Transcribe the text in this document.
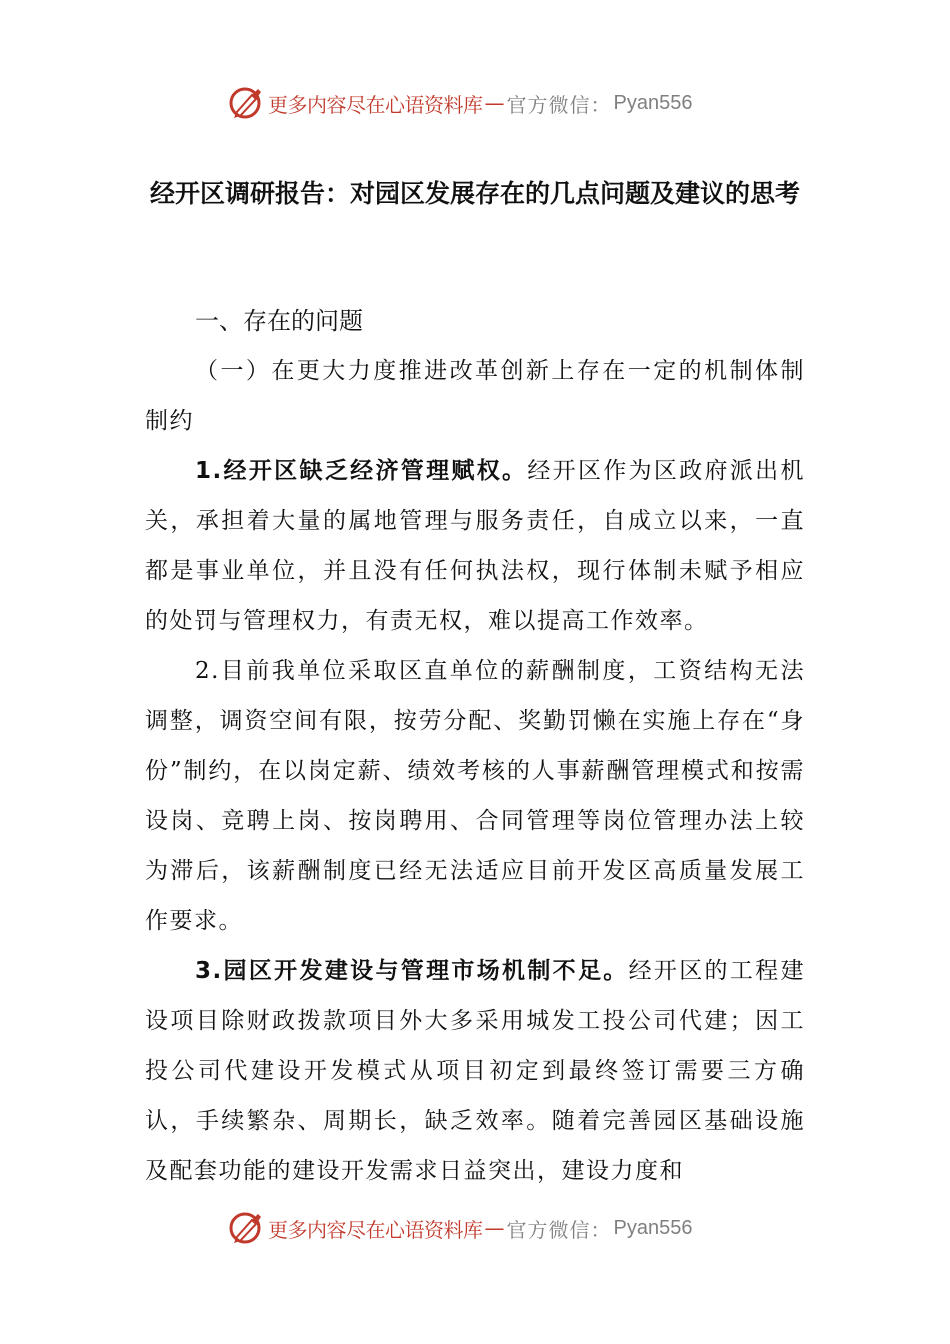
更多内容尽在心语资料库 — 官方微信： Pyan556
经开区调研报告：对园区发展存在的几点问题及建议的思考
一、存在的问题

（一）在更大力度推进改革创新上存在一定的机制体制制约

1.经开区缺乏经济管理赋权。经开区作为区政府派出机关，承担着大量的属地管理与服务责任，自成立以来，一直都是事业单位，并且没有任何执法权，现行体制未赋予相应的处罚与管理权力，有责无权，难以提高工作效率。

2.目前我单位采取区直单位的薪酬制度，工资结构无法调整，调资空间有限，按劳分配、奖勤罚懒在实施上存在“身份”制约，在以岗定薪、绩效考核的人事薪酬管理模式和按需设岗、竞聘上岗、按岗聘用、合同管理等岗位管理办法上较为滞后，该薪酬制度已经无法适应目前开发区高质量发展工作要求。

3.园区开发建设与管理市场机制不足。经开区的工程建设项目除财政拨款项目外大多采用城发工投公司代建；因工投公司代建设开发模式从项目初定到最终签订需要三方确认，手续繁杂、周期长，缺乏效率。随着完善园区基础设施及配套功能的建设开发需求日益突出，建设力度和

更多内容尽在心语资料库 — 官方微信： Pyan556
